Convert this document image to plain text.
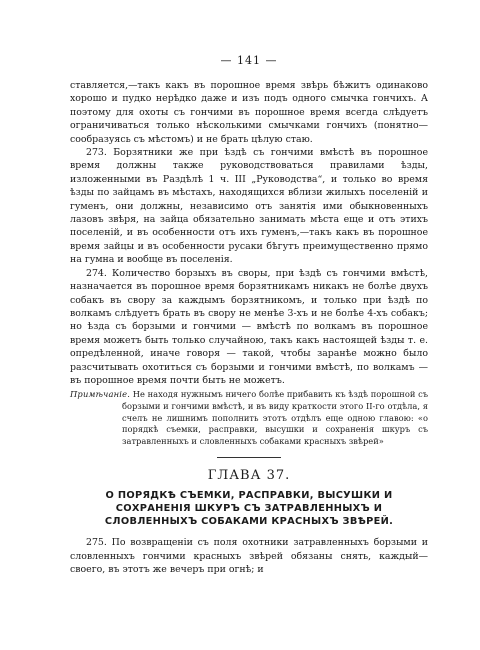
— 141 —

ставляется,—такъ какъ въ порошное время звѣрь бѣжитъ одинаково хорошо и пудко нерѣдко даже и изъ подъ одного смычка гончихъ. А поэтому для охоты съ гончими въ порошное время всегда слѣдуетъ ограничиваться только нѣсколькими смычками гончихъ (понятно—сообразуясь съ мѣстомъ) и не брать цѣлую стаю.

273. Борзятники же при ѣздѣ съ гончими вмѣстѣ въ порошное время должны также руководствоваться правилами ѣзды, изложенными въ Раздѣлѣ 1 ч. III „Руководства“, и только во время ѣзды по зайцамъ въ мѣстахъ, находящихся вблизи жилыхъ поселеній и гуменъ, они должны, независимо отъ занятія ими обыкновенныхъ лазовъ звѣря, на зайца обязательно занимать мѣста еще и отъ этихъ поселеній, и въ особенности отъ ихъ гуменъ,—такъ какъ въ порошное время зайцы и въ особенности русаки бѣгутъ преимущественно прямо на гумна и вообще въ поселенія.

274. Количество борзыхъ въ своры, при ѣздѣ съ гончими вмѣстѣ, назначается въ порошное время борзятникамъ никакъ не болѣе двухъ собакъ въ свору за каждымъ борзятникомъ, и только при ѣздѣ по волкамъ слѣдуетъ брать въ свору не менѣе 3-хъ и не болѣе 4-хъ собакъ; но ѣзда съ борзыми и гончими — вмѣстѣ по волкамъ въ порошное время можетъ быть только случайною, такъ какъ настоящей ѣзды т. е. опредѣленной, иначе говоря — такой, чтобы заранѣе можно было разсчитывать охотиться съ борзыми и гончими вмѣстѣ, по волкамъ — въ порошное время почти быть не можетъ.

Примѣчаніе. Не находя нужнымъ ничего болѣе прибавить къ ѣздѣ порошной съ борзыми и гончими вмѣстѣ, и въ виду краткости этого II-го отдѣла, я счелъ не лишнимъ пополнить этотъ отдѣлъ еще одною главою: «о порядкѣ съемки, расправки, высушки и сохраненія шкуръ съ затравленныхъ и словленныхъ собаками красныхъ звѣрей»

ГЛАВА 37.
О ПОРЯДКѢ СЪЕМКИ, РАСПРАВКИ, ВЫСУШКИ И СОХРАНЕНІЯ ШКУРЪ СЪ ЗАТРАВЛЕННЫХЪ И СЛОВЛЕННЫХЪ СОБАКАМИ КРАСНЫХЪ ЗВѢРЕЙ.

275. По возвращеніи съ поля охотники затравленныхъ борзыми и словленныхъ гончими красныхъ звѣрей обязаны снять, каждый— своего, въ этотъ же вечеръ при огнѣ; и
